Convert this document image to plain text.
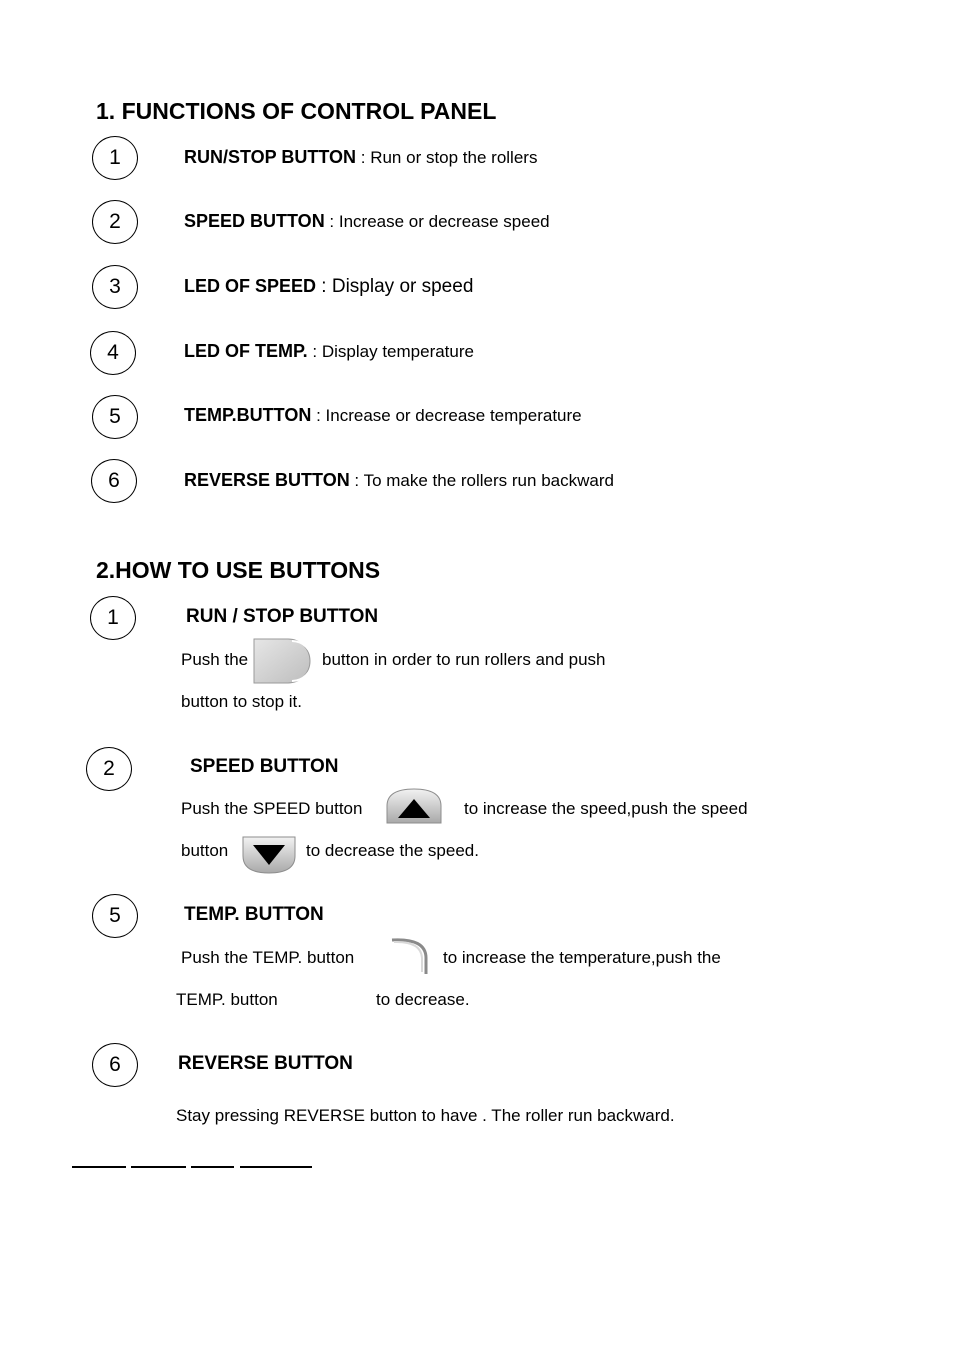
1. FUNCTIONS OF CONTROL PANEL
1	RUN/STOP BUTTON : Run or stop the rollers
2	SPEED BUTTON : Increase or decrease speed
3	LED OF SPEED : Display or speed
4	LED OF TEMP. : Display temperature
5	TEMP.BUTTON : Increase or decrease temperature
6	REVERSE BUTTON : To make the rollers run backward
2.HOW TO USE BUTTONS
1	RUN / STOP BUTTON
Push the	button in order to run rollers and push
button to stop it.
2	SPEED BUTTON
Push the SPEED button	to increase the speed,push the speed
button	to decrease the speed.
5	TEMP. BUTTON
Push the TEMP. button	to increase the temperature,push the
TEMP. button	to decrease.
6	REVERSE BUTTON
Stay pressing REVERSE button to have . The roller run backward.
